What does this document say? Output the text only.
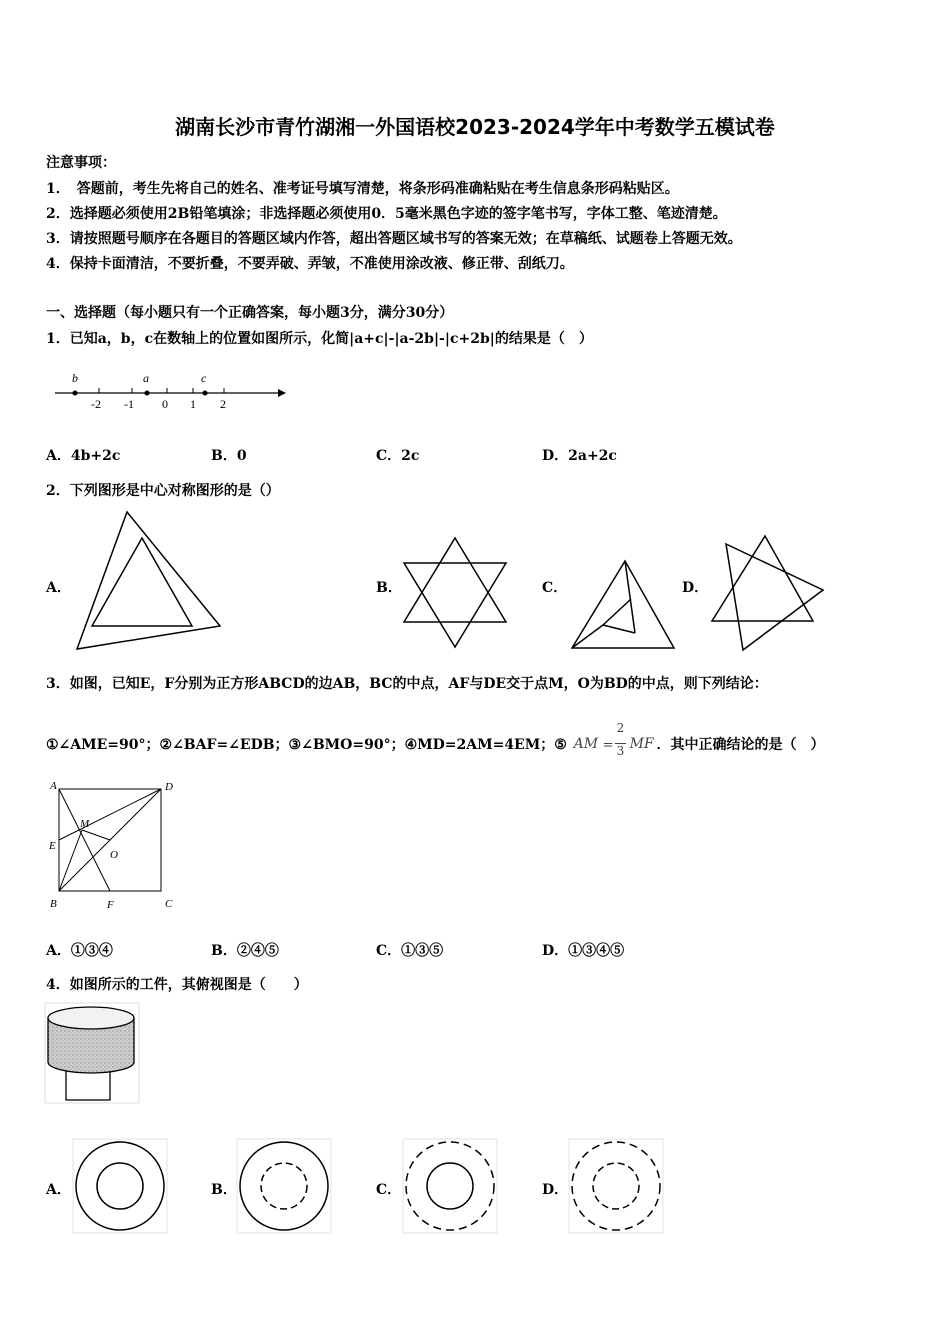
湖南长沙市青竹湖湘一外国语校2023-2024学年中考数学五模试卷
注意事项：
1．　答题前，考生先将自己的姓名、准考证号填写清楚，将条形码准确粘贴在考生信息条形码粘贴区。
2．选择题必须使用2B铅笔填涂；非选择题必须使用0．5毫米黑色字迹的签字笔书写，字体工整、笔迹清楚。
3．请按照题号顺序在各题目的答题区域内作答，超出答题区域书写的答案无效；在草稿纸、试题卷上答题无效。
4．保持卡面清洁，不要折叠，不要弄破、弄皱，不准使用涂改液、修正带、刮纸刀。
一、选择题（每小题只有一个正确答案，每小题3分，满分30分）
1．已知a，b，c在数轴上的位置如图所示，化简|a+c|-|a-2b|-|c+2b|的结果是（　）
b	a	c
-2 -1 0 1 2
A．4b+2c	B．0	C．2c	D．2a+2c
2．下列图形是中心对称图形的是（）
A．	B．	C．	D．
3．如图，已知E，F分别为正方形ABCD的边AB，BC的中点，AF与DE交于点M，O为BD的中点，则下列结论：
①∠AME=90°；②∠BAF=∠EDB；③∠BMO=90°；④MD=2AM=4EM；⑤ AM =
2
3 MF ．其中正确结论的是（　）
A	D
M
E
O
B	F	C
A．①③④	B．②④⑤	C．①③⑤	D．①③④⑤
4．如图所示的工件，其俯视图是（　　）
A．	B．	C．	D．
